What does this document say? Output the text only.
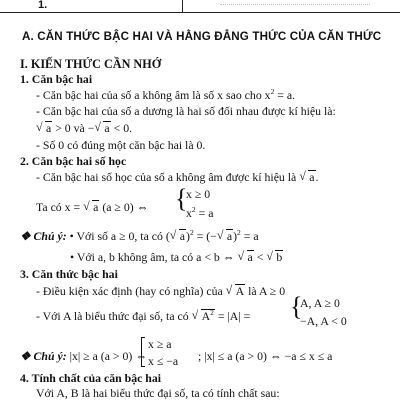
1.
A. CĂN THỨC BẬC HAI VÀ HẰNG ĐẲNG THỨC CỦA CĂN THỨC
I. KIẾN THỨC CẦN NHỚ
1. Căn bậc hai
- Căn bậc hai của số a không âm là số x sao cho $x^2 = a$.
- Căn bậc hai của số a dương là hai số đối nhau được kí hiệu là:
√ a > 0 và − √ a < 0.
- Số 0 có đúng một căn bậc hai là 0.
2. Căn bậc hai số học
- Căn bậc hai số học của số a không âm được kí hiệu là √ a.
Ta có x = √ a (a ≥ 0) ⇔ {
x ≥ 0
$x^2 = a$
❖ Chú ý: • Với số a ≥ 0, ta có ( √ a)$^2$ = (− √ a)$^2$ = a
• Với a, b không âm, ta có a < b ⇔ √ a < √ b
3. Căn thức bậc hai
- Điều kiện xác định (hay có nghĩa) của √ A là A ≥ 0
- Với A là biểu thức đại số, ta có √ $A^2 = |A|$ = {
A, A ≥ 0
−A, A < 0
❖ Chú ý: |x| ≥ a (a > 0) ⇔
x ≥ a
x ≤ −a ; |x| ≤ a (a > 0) ⇔ −a ≤ x ≤ a
4. Tính chất của căn bậc hai
Với A, B là hai biểu thức đại số, ta có tính chất sau:
